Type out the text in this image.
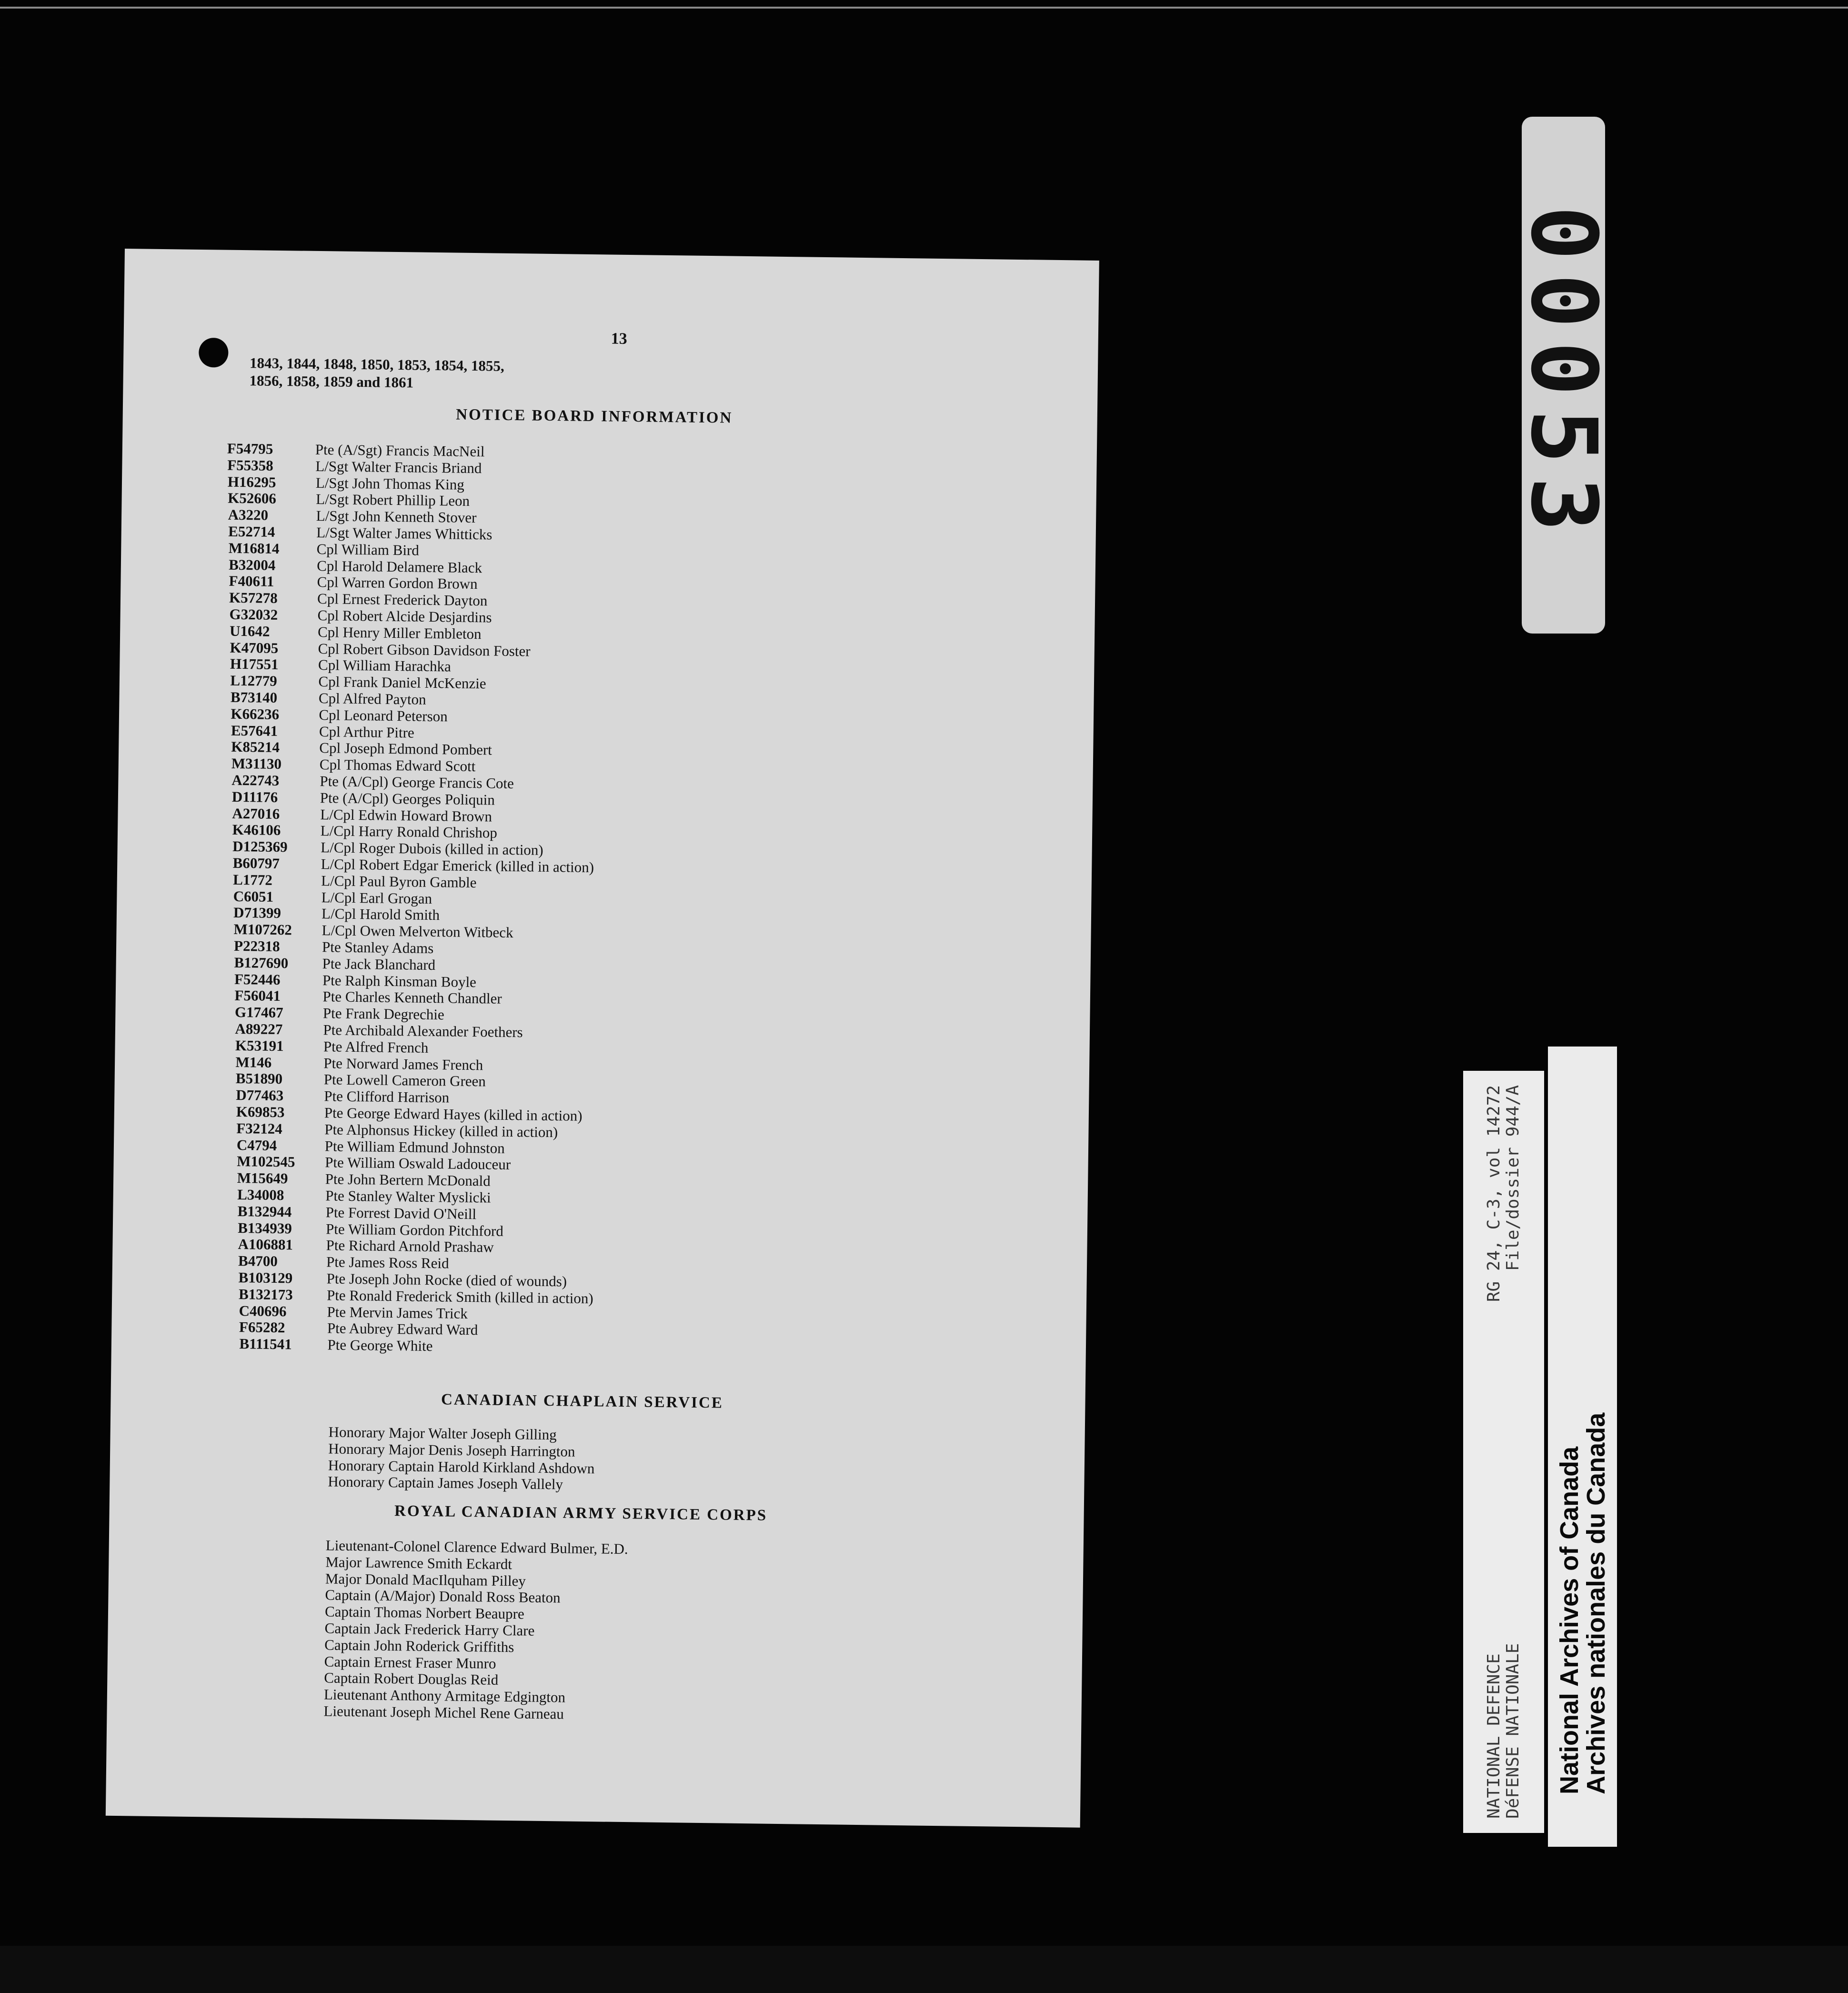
13
1843, 1844, 1848, 1850, 1853, 1854, 1855,
1856, 1858, 1859 and 1861
NOTICE BOARD INFORMATION
F54795	Pte (A/Sgt) Francis MacNeil
F55358	L/Sgt Walter Francis Briand
H16295	L/Sgt John Thomas King
K52606	L/Sgt Robert Phillip Leon
A3220	L/Sgt John Kenneth Stover
E52714	L/Sgt Walter James Whitticks
M16814	Cpl William Bird
B32004	Cpl Harold Delamere Black
F40611	Cpl Warren Gordon Brown
K57278	Cpl Ernest Frederick Dayton
G32032	Cpl Robert Alcide Desjardins
U1642	Cpl Henry Miller Embleton
K47095	Cpl Robert Gibson Davidson Foster
H17551	Cpl William Harachka
L12779	Cpl Frank Daniel McKenzie
B73140	Cpl Alfred Payton
K66236	Cpl Leonard Peterson
E57641	Cpl Arthur Pitre
K85214	Cpl Joseph Edmond Pombert
M31130	Cpl Thomas Edward Scott
A22743	Pte (A/Cpl) George Francis Cote
D11176	Pte (A/Cpl) Georges Poliquin
A27016	L/Cpl Edwin Howard Brown
K46106	L/Cpl Harry Ronald Chrishop
D125369	L/Cpl Roger Dubois (killed in action)
B60797	L/Cpl Robert Edgar Emerick (killed in action)
L1772	L/Cpl Paul Byron Gamble
C6051	L/Cpl Earl Grogan
D71399	L/Cpl Harold Smith
M107262	L/Cpl Owen Melverton Witbeck
P22318	Pte Stanley Adams
B127690	Pte Jack Blanchard
F52446	Pte Ralph Kinsman Boyle
F56041	Pte Charles Kenneth Chandler
G17467	Pte Frank Degrechie
A89227	Pte Archibald Alexander Foethers
K53191	Pte Alfred French
M146	Pte Norward James French
B51890	Pte Lowell Cameron Green
D77463	Pte Clifford Harrison
K69853	Pte George Edward Hayes (killed in action)
F32124	Pte Alphonsus Hickey (killed in action)
C4794	Pte William Edmund Johnston
M102545	Pte William Oswald Ladouceur
M15649	Pte John Bertern McDonald
L34008	Pte Stanley Walter Myslicki
B132944	Pte Forrest David O'Neill
B134939	Pte William Gordon Pitchford
A106881	Pte Richard Arnold Prashaw
B4700	Pte James Ross Reid
B103129	Pte Joseph John Rocke (died of wounds)
B132173	Pte Ronald Frederick Smith (killed in action)
C40696	Pte Mervin James Trick
F65282	Pte Aubrey Edward Ward
B111541	Pte George White
CANADIAN CHAPLAIN SERVICE
Honorary Major Walter Joseph Gilling
Honorary Major Denis Joseph Harrington
Honorary Captain Harold Kirkland Ashdown
Honorary Captain James Joseph Vallely
ROYAL CANADIAN ARMY SERVICE CORPS
Lieutenant-Colonel Clarence Edward Bulmer, E.D.
Major Lawrence Smith Eckardt
Major Donald MacIlquham Pilley
Captain (A/Major) Donald Ross Beaton
Captain Thomas Norbert Beaupre
Captain Jack Frederick Harry Clare
Captain John Roderick Griffiths
Captain Ernest Fraser Munro
Captain Robert Douglas Reid
Lieutenant Anthony Armitage Edgington
Lieutenant Joseph Michel Rene Garneau
00053
NATIONAL DEFENCE
RG 24, C-3, vol 14272
DéFENSE NATIONALE
File/dossier 944/A
National Archives of Canada
Archives nationales du Canada
